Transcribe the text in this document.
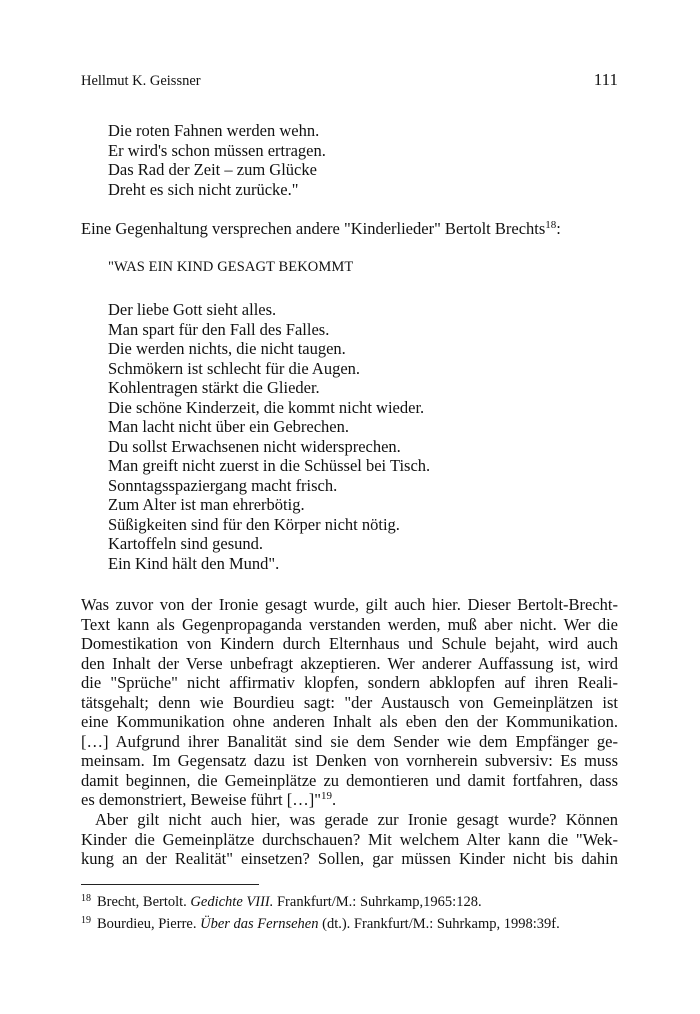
Hellmut K. Geissner	111
Die roten Fahnen werden wehn.
Er wird's schon müssen ertragen.
Das Rad der Zeit – zum Glücke
Dreht es sich nicht zurücke."
Eine Gegenhaltung versprechen andere "Kinderlieder" Bertolt Brechts$^{18}$:
"WAS EIN KIND GESAGT BEKOMMT
Der liebe Gott sieht alles.
Man spart für den Fall des Falles.
Die werden nichts, die nicht taugen.
Schmökern ist schlecht für die Augen.
Kohlentragen stärkt die Glieder.
Die schöne Kinderzeit, die kommt nicht wieder.
Man lacht nicht über ein Gebrechen.
Du sollst Erwachsenen nicht widersprechen.
Man greift nicht zuerst in die Schüssel bei Tisch.
Sonntagsspaziergang macht frisch.
Zum Alter ist man ehrerbötig.
Süßigkeiten sind für den Körper nicht nötig.
Kartoffeln sind gesund.
Ein Kind hält den Mund".
Was zuvor von der Ironie gesagt wurde, gilt auch hier. Dieser Bertolt-Brecht-
Text kann als Gegenpropaganda verstanden werden, muß aber nicht. Wer die
Domestikation von Kindern durch Elternhaus und Schule bejaht, wird auch
den Inhalt der Verse unbefragt akzeptieren. Wer anderer Auffassung ist, wird
die "Sprüche" nicht affirmativ klopfen, sondern abklopfen auf ihren Reali-
tätsgehalt; denn wie Bourdieu sagt: "der Austausch von Gemeinplätzen ist
eine Kommunikation ohne anderen Inhalt als eben den der Kommunikation.
[…] Aufgrund ihrer Banalität sind sie dem Sender wie dem Empfänger ge-
meinsam. Im Gegensatz dazu ist Denken von vornherein subversiv: Es muss
damit beginnen, die Gemeinplätze zu demontieren und damit fortfahren, dass
es demonstriert, Beweise führt […]"$^{19}$.
Aber gilt nicht auch hier, was gerade zur Ironie gesagt wurde? Können
Kinder die Gemeinplätze durchschauen? Mit welchem Alter kann die "Wek-
kung an der Realität" einsetzen? Sollen, gar müssen Kinder nicht bis dahin
$^{18}$ Brecht, Bertolt. Gedichte VIII. Frankfurt/M.: Suhrkamp,1965:128.
$^{19}$ Bourdieu, Pierre. Über das Fernsehen (dt.). Frankfurt/M.: Suhrkamp, 1998:39f.
